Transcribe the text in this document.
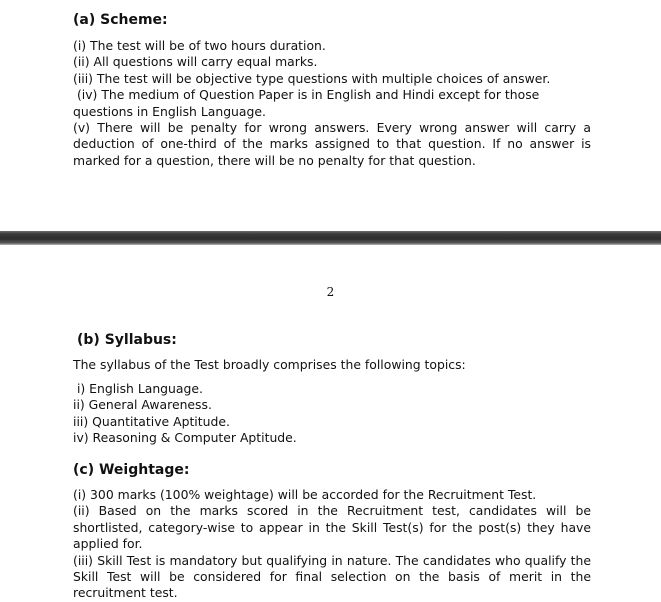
(a) Scheme:

(i) The test will be of two hours duration.

(ii) All questions will carry equal marks.

(iii) The test will be objective type questions with multiple choices of answer.

(iv) The medium of Question Paper is in English and Hindi except for those questions in English Language.

(v) There will be penalty for wrong answers. Every wrong answer will carry a deduction of one-third of the marks assigned to that question. If no answer is marked for a question, there will be no penalty for that question.

2
(b) Syllabus:

The syllabus of the Test broadly comprises the following topics:

i) English Language.
ii) General Awareness.
iii) Quantitative Aptitude.
iv) Reasoning & Computer Aptitude.
(c) Weightage:

(i) 300 marks (100% weightage) will be accorded for the Recruitment Test.

(ii) Based on the marks scored in the Recruitment test, candidates will be shortlisted, category-wise to appear in the Skill Test(s) for the post(s) they have applied for.

(iii) Skill Test is mandatory but qualifying in nature. The candidates who qualify the Skill Test will be considered for final selection on the basis of merit in the recruitment test.
